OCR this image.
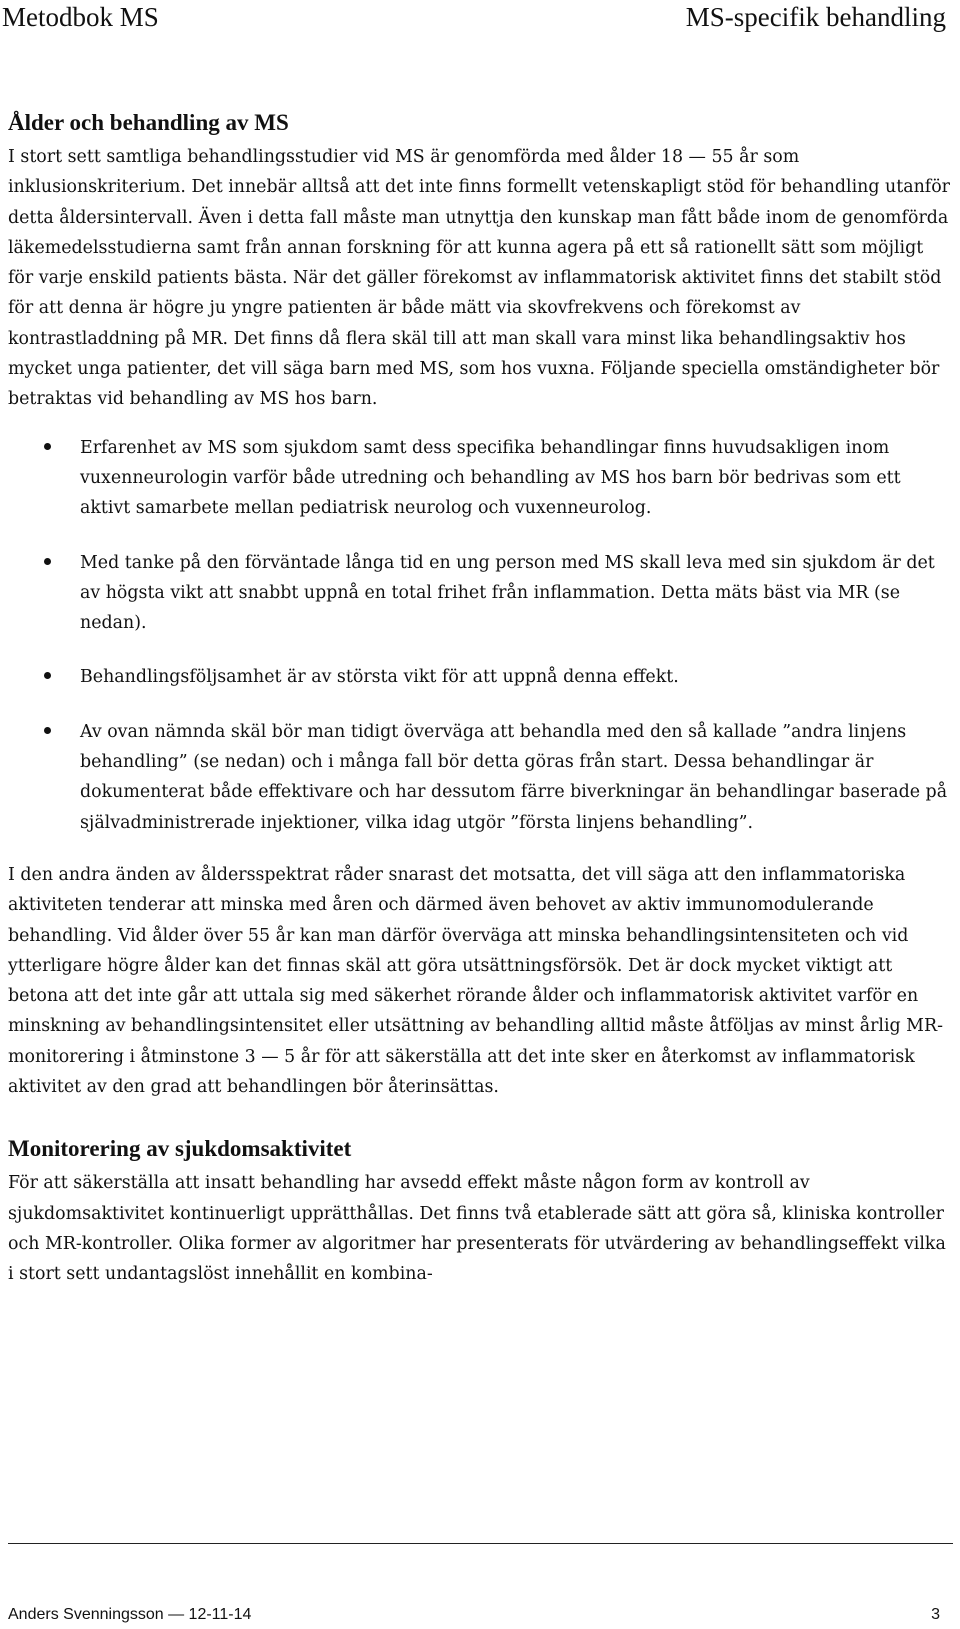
Metodbok MS	MS-specifik behandling
Ålder och behandling av MS

I stort sett samtliga behandlingsstudier vid MS är genomförda med ålder 18 — 55 år som inklusionskriterium. Det innebär alltså att det inte finns formellt vetenskapligt stöd för behandling utanför detta åldersintervall. Även i detta fall måste man utnyttja den kunskap man fått både inom de genomförda läkemedelsstudierna samt från annan forskning för att kunna agera på ett så rationellt sätt som möjligt för varje enskild patients bästa. När det gäller förekomst av inflammatorisk aktivitet finns det stabilt stöd för att denna är högre ju yngre patienten är både mätt via skovfrekvens och förekomst av kontrastladdning på MR. Det finns då flera skäl till att man skall vara minst lika behandlingsaktiv hos mycket unga patienter, det vill säga barn med MS, som hos vuxna. Följande speciella omständigheter bör betraktas vid behandling av MS hos barn.

Erfarenhet av MS som sjukdom samt dess specifika behandlingar finns huvudsakligen inom vuxenneurologin varför både utredning och behandling av MS hos barn bör bedrivas som ett aktivt samarbete mellan pediatrisk neurolog och vuxenneurolog.
Med tanke på den förväntade långa tid en ung person med MS skall leva med sin sjukdom är det av högsta vikt att snabbt uppnå en total frihet från inflammation. Detta mäts bäst via MR (se nedan).
Behandlingsföljsamhet är av största vikt för att uppnå denna effekt.
Av ovan nämnda skäl bör man tidigt överväga att behandla med den så kallade ”andra linjens behandling” (se nedan) och i många fall bör detta göras från start. Dessa behandlingar är dokumenterat både effektivare och har dessutom färre biverkningar än behandlingar baserade på självadministrerade injektioner, vilka idag utgör ”första linjens behandling”.

I den andra änden av åldersspektrat råder snarast det motsatta, det vill säga att den inflammatoriska aktiviteten tenderar att minska med åren och därmed även behovet av aktiv immunomodulerande behandling. Vid ålder över 55 år kan man därför överväga att minska behandlingsintensiteten och vid ytterligare högre ålder kan det finnas skäl att göra utsättningsförsök. Det är dock mycket viktigt att betona att det inte går att uttala sig med säkerhet rörande ålder och inflammatorisk aktivitet varför en minskning av behandlingsintensitet eller utsättning av behandling alltid måste åtföljas av minst årlig MR-monitorering i åtminstone 3 — 5 år för att säkerställa att det inte sker en återkomst av inflammatorisk aktivitet av den grad att behandlingen bör återinsättas.

Monitorering av sjukdomsaktivitet

För att säkerställa att insatt behandling har avsedd effekt måste någon form av kontroll av sjukdomsaktivitet kontinuerligt upprätthållas. Det finns två etablerade sätt att göra så, kliniska kontroller och MR-kontroller. Olika former av algoritmer har presenterats för utvärdering av behandlingseffekt vilka i stort sett undantagslöst innehållit en kombina-

Anders Svenningsson — 12-11-14	3
